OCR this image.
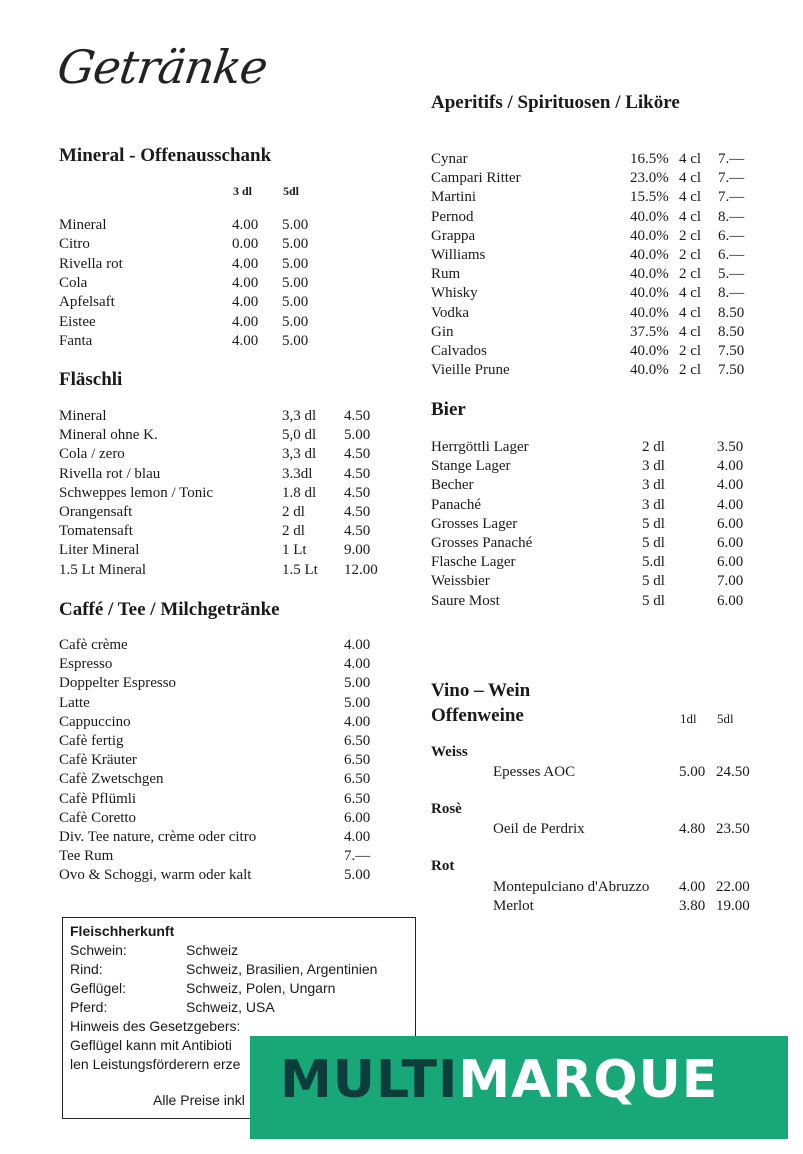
Getränke
Mineral - Offenausschank
3 dl	5dl
Mineral	4.00 5.00
Citro	0.00 5.00
Rivella rot	4.00 5.00
Cola	4.00 5.00
Apfelsaft	4.00 5.00
Eistee	4.00 5.00
Fanta	4.00 5.00
Fläschli
Mineral	3,3 dl 4.50
Mineral ohne K.	5,0 dl 5.00
Cola / zero	3,3 dl 4.50
Rivella rot / blau	3.3dl 4.50
Schweppes lemon / Tonic	1.8 dl 4.50
Orangensaft	2 dl	4.50
Tomatensaft	2 dl	4.50
Liter Mineral	1 Lt 9.00
1.5 Lt Mineral	1.5 Lt 12.00
Caffé / Tee / Milchgetränke
Cafè crème	4.00
Espresso	4.00
Doppelter Espresso	5.00
Latte	5.00
Cappuccino	4.00
Cafè fertig	6.50
Cafè Kräuter	6.50
Cafè Zwetschgen	6.50
Cafè Pflümli	6.50
Cafè Coretto	6.00
Div. Tee nature, crème oder citro	4.00
Tee Rum	7.—
Ovo & Schoggi, warm oder kalt	5.00
Aperitifs / Spirituosen / Liköre
Cynar	16.5% 4 cl 7.—
Campari Ritter	23.0% 4 cl 7.—
Martini	15.5% 4 cl 7.—
Pernod	40.0% 4 cl 8.—
Grappa	40.0% 2 cl 6.—
Williams	40.0% 2 cl 6.—
Rum	40.0% 2 cl 5.—
Whisky	40.0% 4 cl 8.—
Vodka	40.0% 4 cl 8.50
Gin	37.5% 4 cl 8.50
Calvados	40.0% 2 cl 7.50
Vieille Prune	40.0% 2 cl 7.50
Bier
Herrgöttli Lager	2 dl	3.50
Stange Lager	3 dl	4.00
Becher	3 dl	4.00
Panaché	3 dl	4.00
Grosses Lager	5 dl	6.00
Grosses Panaché	5 dl	6.00
Flasche Lager	5.dl	6.00
Weissbier	5 dl	7.00
Saure Most	5 dl	6.00
Vino – Wein
Offenweine	1dl 5dl
Weiss
Epesses AOC	5.00 24.50
Rosè
Oeil de Perdrix	4.80 23.50
Rot
Montepulciano d'Abruzzo 4.00 22.00
Merlot	3.80 19.00
Fleischherkunft
Schwein:	Schweiz
Rind:	Schweiz, Brasilien, Argentinien
Geflügel:	Schweiz, Polen, Ungarn
Pferd:	Schweiz, USA
Hinweis des Gesetzgebers:
Geflügel kann mit Antibioti
len Leistungsförderern erze
Alle Preise inkl MULTIMARQUE
